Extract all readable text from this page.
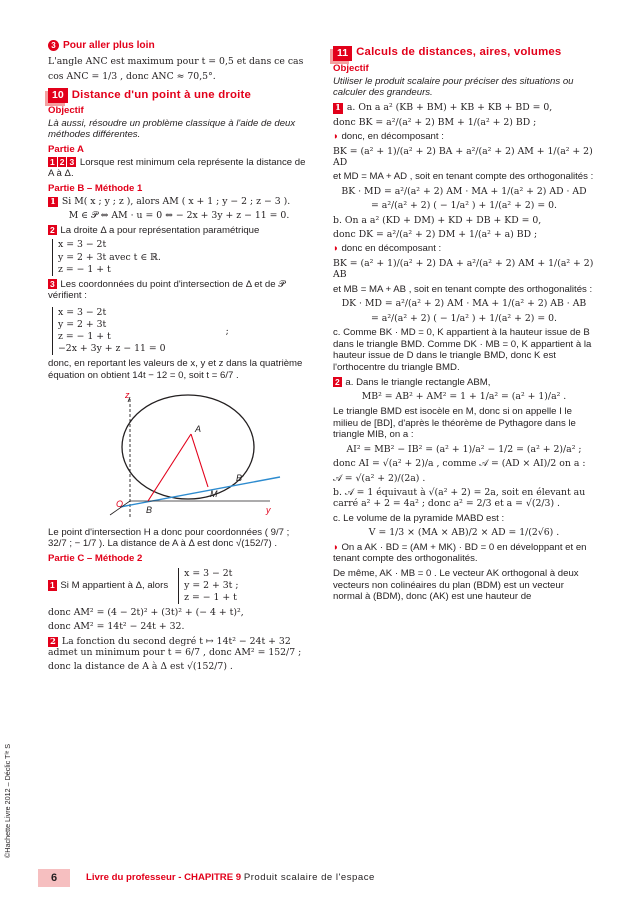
3 Pour aller plus loin

L'angle ANC est maximum pour t = 0,5 et dans ce cas

cos ANC = 1/3 , donc ANC ≈ 70,5°.

10 Distance d'un point à une droite
Objectif

Là aussi, résoudre un problème classique à l'aide de deux méthodes différentes.

Partie A

1 2 3 Lorsque rest minimum cela représente la distance de A à Δ.

Partie B – Méthode 1

1 Si M( x ; y ; z ), alors AM ( x + 1 ; y − 2 ; z − 3 ).

M ∈ 𝒫 ⇔ AM · u = 0 ⇔ − 2x + 3y + z − 11 = 0.

2 La droite Δ a pour représentation paramétrique

x = 3 − 2t
y = 2 + 3t avec t ∈ ℝ.
z = − 1 + t

3 Les coordonnées du point d'intersection de Δ et de 𝒫 vérifient :

x = 3 − 2t
y = 2 + 3t
z = − 1 + t
−2x + 3y + z − 11 = 0
;

donc, en reportant les valeurs de x, y et z dans la quatrième équation on obtient 14t − 12 = 0, soit t = 6/7 .

z
A
B'
M
O
B	y

Le point d'intersection H a donc pour coordonnées ( 9/7 ; 32/7 ; − 1/7 ). La distance de A à Δ est donc √(152/7) .

Partie C – Méthode 2

1 Si M appartient à Δ, alors

x = 3 − 2t
y = 2 + 3t ;
z = − 1 + t

donc AM² = (4 − 2t)² + (3t)² + (− 4 + t)²,

donc AM² = 14t² − 24t + 32.

2 La fonction du second degré t ↦ 14t² − 24t + 32 admet un minimum pour t = 6/7 , donc AM² = 152/7 ;

donc la distance de A à Δ est √(152/7) .

11 Calculs de distances, aires, volumes
Objectif

Utiliser le produit scalaire pour préciser des situations ou calculer des grandeurs.

1 a. On a a² (KB + BM) + KB + KB + BD = 0,

donc BK = a²/(a² + 2) BM + 1/(a² + 2) BD ;

◗ donc, en décomposant :

BK = (a² + 1)/(a² + 2) BA + a²/(a² + 2) AM + 1/(a² + 2) AD

et MD = MA + AD , soit en tenant compte des orthogonalités :

BK · MD = a²/(a² + 2) AM · MA + 1/(a² + 2) AD · AD

= a²/(a² + 2) ( − 1/a² ) + 1/(a² + 2) = 0.

b. On a a² (KD + DM) + KD + DB + KD = 0,

donc DK = a²/(a² + 2) DM + 1/(a² + a) BD ;

◗ donc en décomposant :

BK = (a² + 1)/(a² + 2) DA + a²/(a² + 2) AM + 1/(a² + 2) AB

et MB = MA + AB , soit en tenant compte des orthogonalités :

DK · MD = a²/(a² + 2) AM · MA + 1/(a² + 2) AB · AB

= a²/(a² + 2) ( − 1/a² ) + 1/(a² + 2) = 0.

c. Comme BK · MD = 0, K appartient à la hauteur issue de B dans le triangle BMD. Comme DK · MB = 0, K appartient à la hauteur issue de D dans le triangle BMD, donc K est l'orthocentre du triangle BMD.

2 a. Dans le triangle rectangle ABM,

MB² = AB² + AM² = 1 + 1/a² = (a² + 1)/a² .

Le triangle BMD est isocèle en M, donc si on appelle I le milieu de [BD], d'après le théorème de Pythagore dans le triangle MIB, on a :

AI² = MB² − IB² = (a² + 1)/a² − 1/2 = (a² + 2)/a² ;

donc AI = √(a² + 2)/a , comme 𝒜 = (AD × AI)/2 on a :

𝒜 = √(a² + 2)/(2a) .

b. 𝒜 = 1 équivaut à √(a² + 2) = 2a, soit en élevant au carré a² + 2 = 4a² ; donc a² = 2/3 et a = √(2/3) .

c. Le volume de la pyramide MABD est :

V = 1/3 × (MA × AB)/2 × AD = 1/(2√6) .

◗ On a AK · BD = (AM + MK) · BD = 0 en développant et en tenant compte des orthogonalités.

De même, AK · MB = 0 . Le vecteur AK orthogonal à deux vecteurs non colinéaires du plan (BDM) est un vecteur normal à (BDM), donc (AK) est une hauteur de

©Hachette Livre 2012 – Déclic Tˡᵉ S
6	Livre du professeur - CHAPITRE 9 Produit scalaire de l'espace
